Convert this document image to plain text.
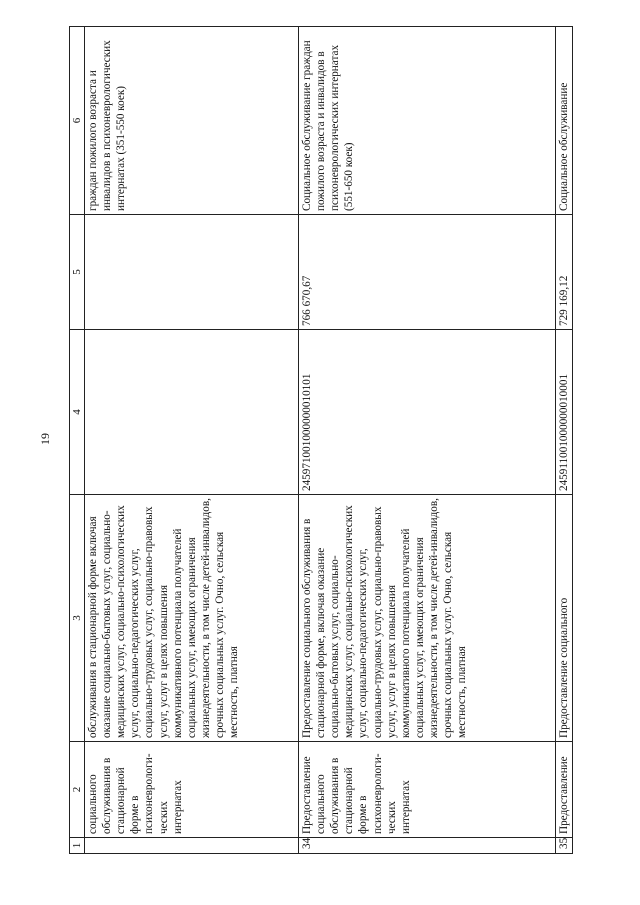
19
1	2	3	4	5	6
	социального обслуживания в стационарной форме в психоневрологи-ческих интернатах	обслуживания в стационарной форме включая оказание социально-бытовых услуг, социально-медицинских услуг, социально-психологических услуг, социально-педагогических услуг, социально-трудовых услуг, социально-правовых услуг, услуг в целях повышения коммуникативного потенциала получателей социальных услуг, имеющих ограничения жизнедеятельности, в том числе детей-инвалидов, срочных социальных услуг. Очно, сельская местность, платная			граждан пожилого возраста и инвалидов в психоневрологических интернатах (351-550 коек)
34	Предоставление социального обслуживания в стационарной форме в психоневрологи-ческих интернатах	Предоставление социального обслуживания в стационарной форме, включая оказание социально-бытовых услуг, социально-медицинских услуг, социально-психологических услуг, социально-педагогических услуг, социально-трудовых услуг, социально-правовых услуг, услуг в целях повышения коммуникативного потенциала получателей социальных услуг, имеющих ограничения жизнедеятельности, в том числе детей-инвалидов, срочных социальных услуг. Очно, сельская местность, платная	24597100100000001010​1	766 670,67	Социальное обслуживание граждан пожилого возраста и инвалидов в психоневрологических интернатах (551-650 коек)
35	Предоставление	Предоставление социального	245911001000000010001	729 169,12	Социальное обслуживание
